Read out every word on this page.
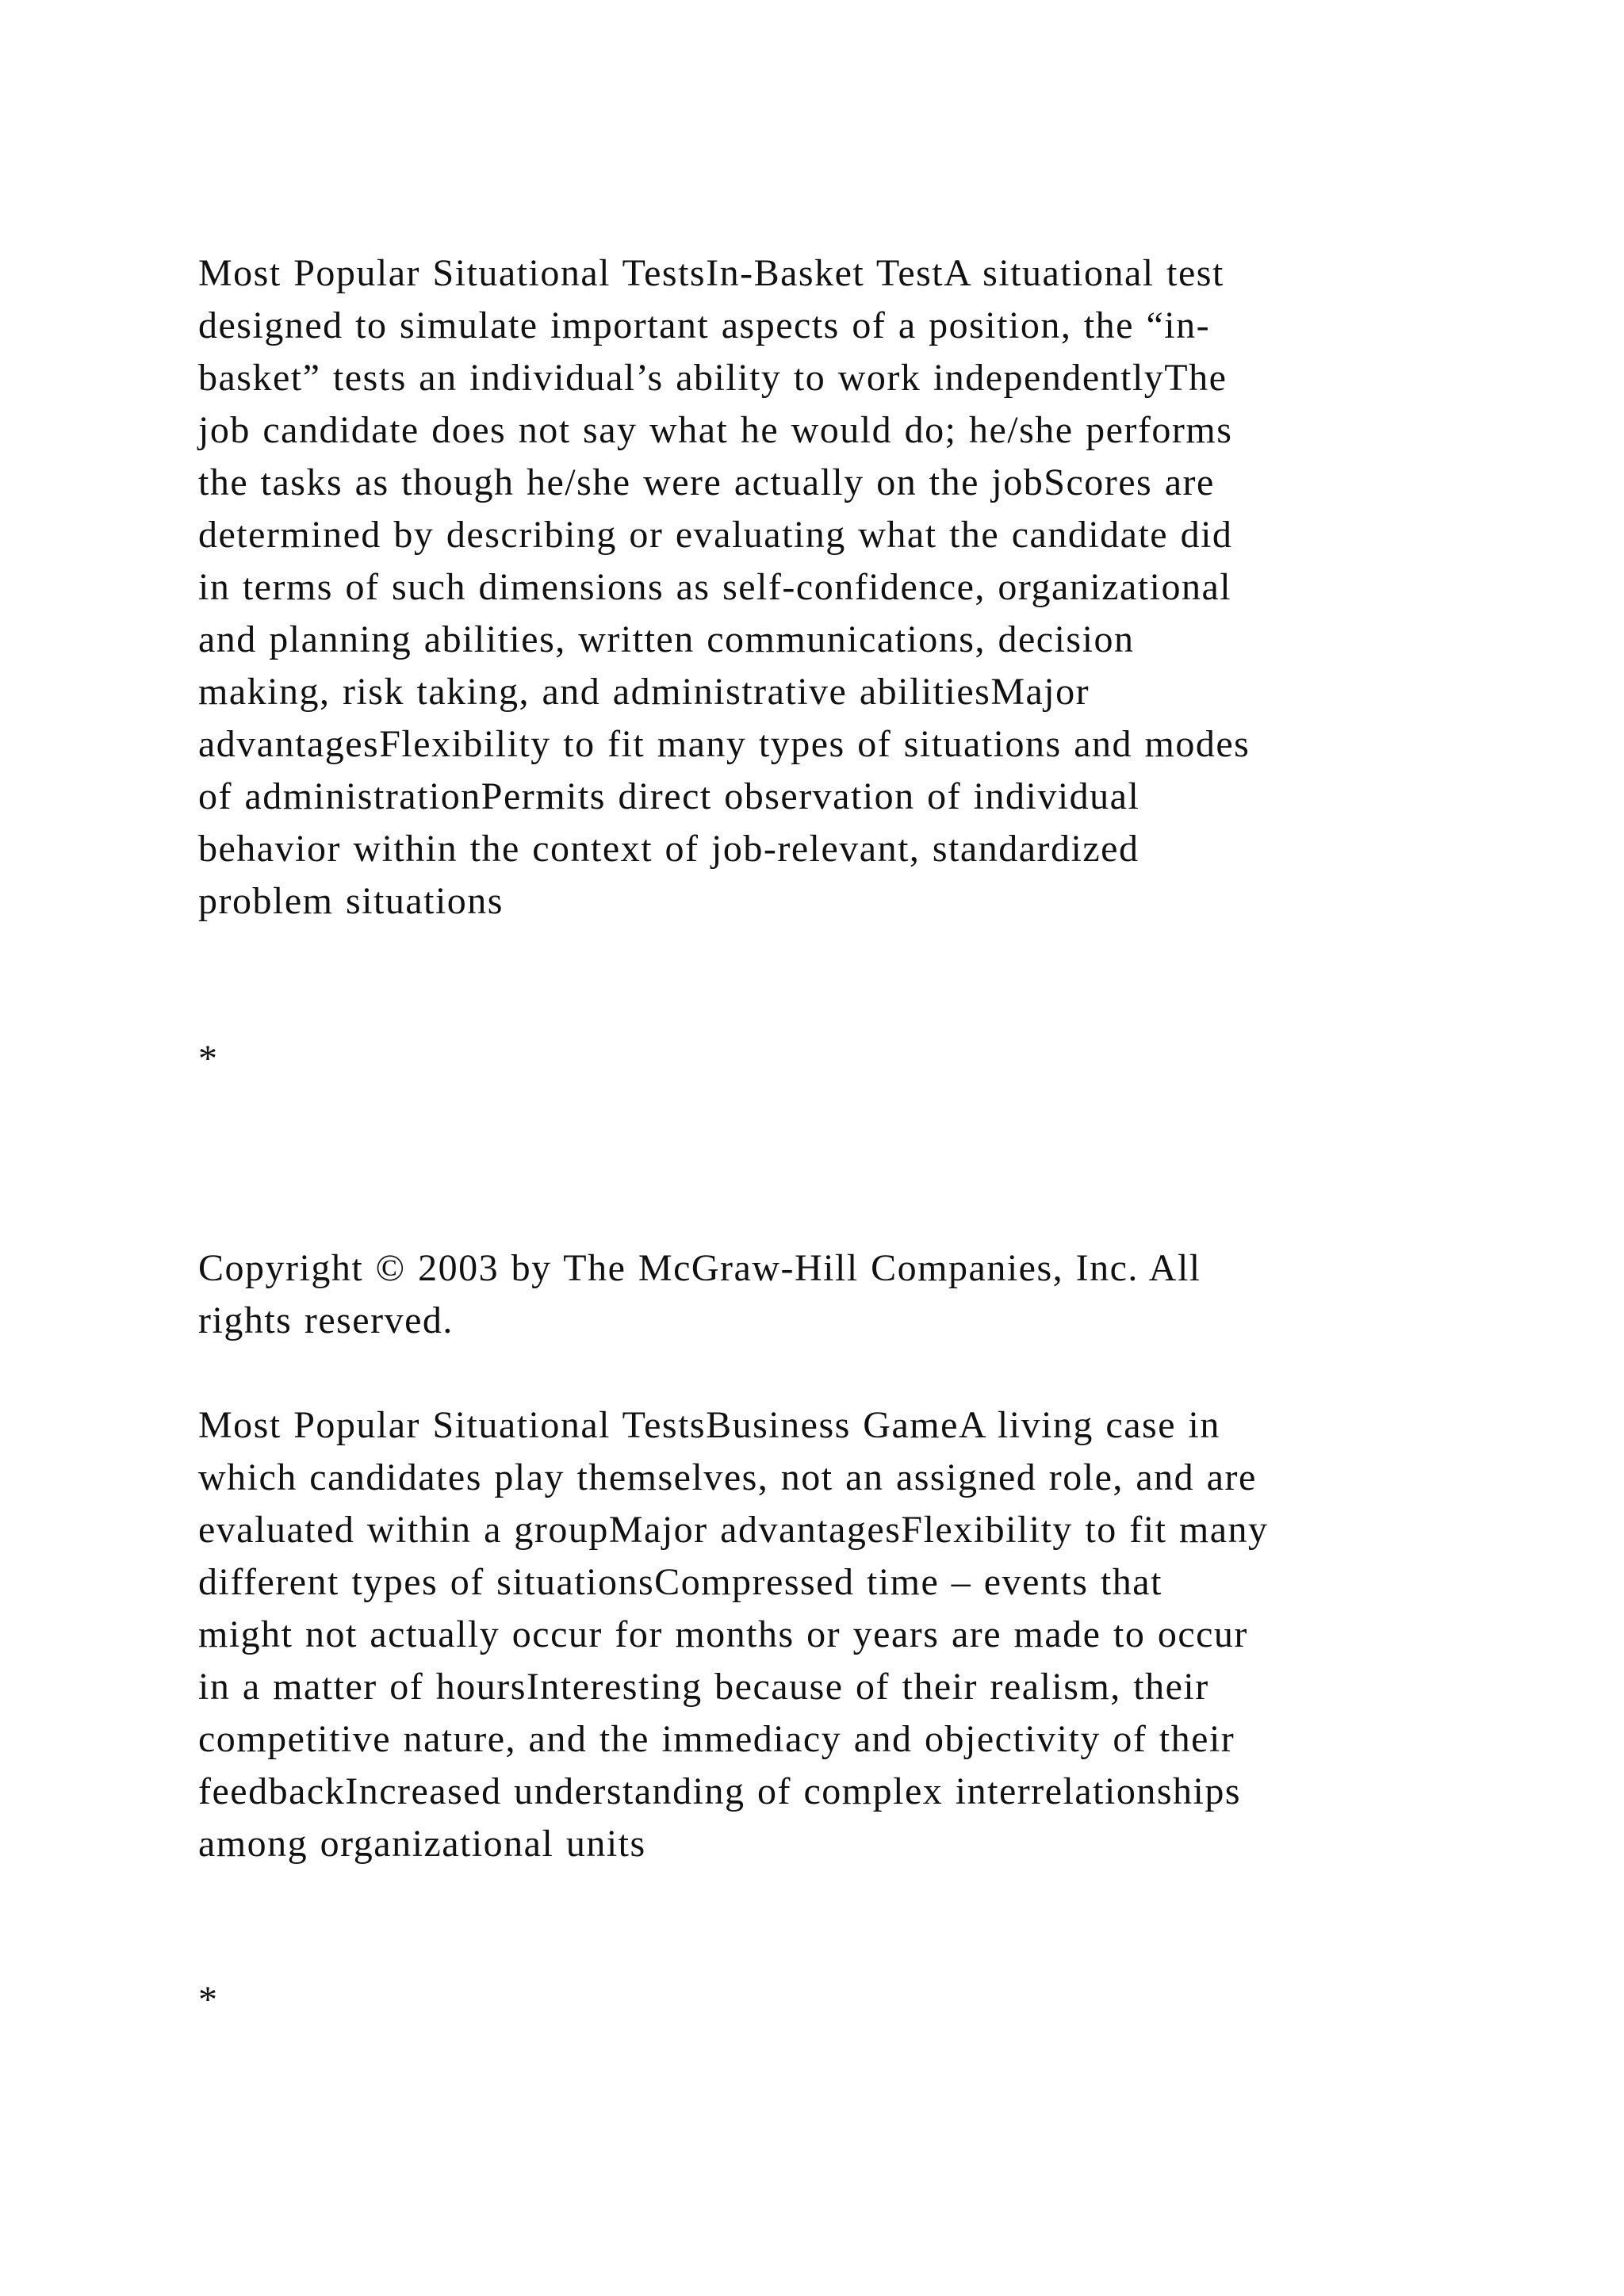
Most Popular Situational TestsIn-Basket TestA situational test
designed to simulate important aspects of a position, the “in-
basket” tests an individual’s ability to work independentlyThe
job candidate does not say what he would do; he/she performs
the tasks as though he/she were actually on the jobScores are
determined by describing or evaluating what the candidate did
in terms of such dimensions as self-confidence, organizational
and planning abilities, written communications, decision
making, risk taking, and administrative abilitiesMajor
advantagesFlexibility to fit many types of situations and modes
of administrationPermits direct observation of individual
behavior within the context of job-relevant, standardized
problem situations

*

Copyright © 2003 by The McGraw-Hill Companies, Inc. All
rights reserved.

Most Popular Situational TestsBusiness GameA living case in
which candidates play themselves, not an assigned role, and are
evaluated within a groupMajor advantagesFlexibility to fit many
different types of situationsCompressed time – events that
might not actually occur for months or years are made to occur
in a matter of hoursInteresting because of their realism, their
competitive nature, and the immediacy and objectivity of their
feedbackIncreased understanding of complex interrelationships
among organizational units

*
